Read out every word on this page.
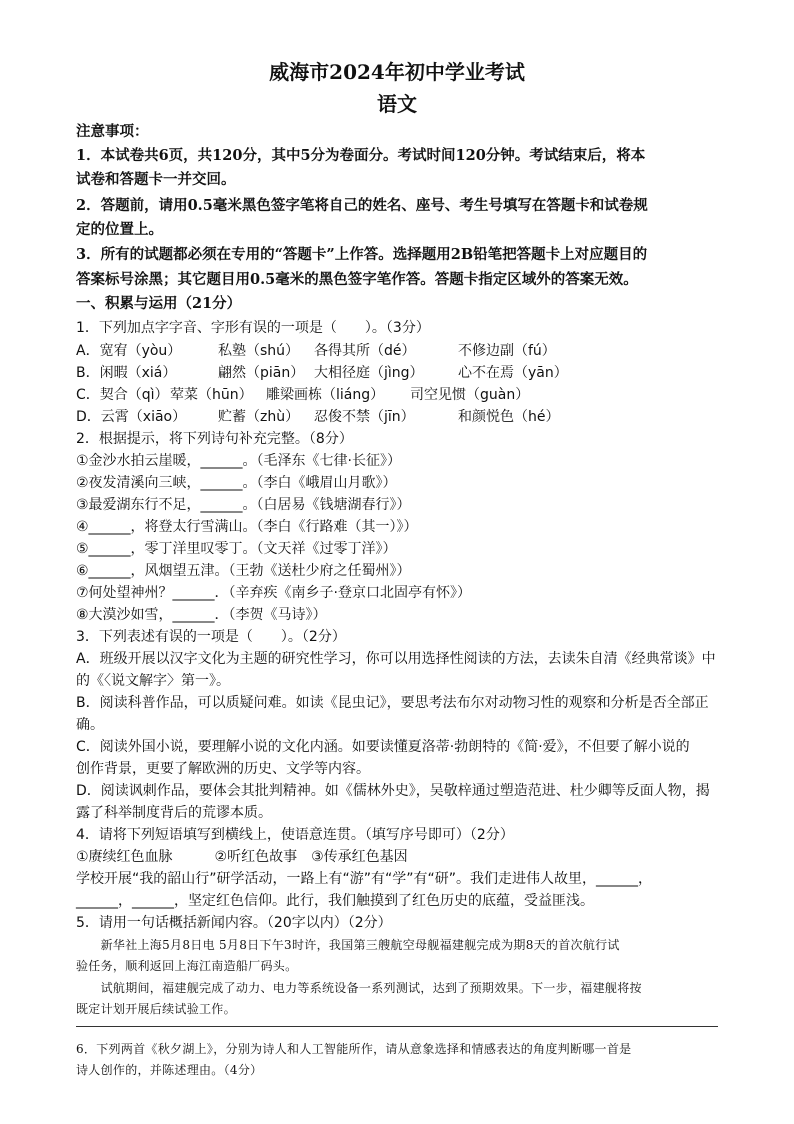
威海市2024年初中学业考试
语文
注意事项：
1．本试卷共6页，共120分，其中5分为卷面分。考试时间120分钟。考试结束后，将本
试卷和答题卡一并交回。
2．答题前，请用0.5毫米黑色签字笔将自己的姓名、座号、考生号填写在答题卡和试卷规
定的位置上。
3．所有的试题都必须在专用的“答题卡”上作答。选择题用2B铅笔把答题卡上对应题目的
答案标号涂黑；其它题目用0.5毫米的黑色签字笔作答。答题卡指定区域外的答案无效。
一、积累与运用（21分）
1．下列加点字字音、字形有误的一项是（　　）。（3分）
A．宽宥（yòu）	私塾（shú） 各得其所（dé）	不修边副（fú）
B．闲暇（xiá）	翩然（piān） 大相径庭（jìng） 心不在焉（yān）
C．契合（qì） 荤菜（hūn） 雕梁画栋（liáng） 司空见惯（guàn）
D．云霄（xiāo） 贮蓄（zhù） 忍俊不禁（jīn）	和颜悦色（hé）
2．根据提示，将下列诗句补充完整。（8分）
①金沙水拍云崖暖，______。（毛泽东《七律·长征》）
②夜发清溪向三峡，______。（李白《峨眉山月歌》）
③最爱湖东行不足，______。（白居易《钱塘湖春行》）
④______，将登太行雪满山。（李白《行路难（其一）》）
⑤______，零丁洋里叹零丁。（文天祥《过零丁洋》）
⑥______，风烟望五津。（王勃《送杜少府之任蜀州》）
⑦何处望神州？______．（辛弃疾《南乡子·登京口北固亭有怀》）
⑧大漠沙如雪，______．（李贺《马诗》）
3．下列表述有误的一项是（　　）。（2分）
A．班级开展以汉字文化为主题的研究性学习，你可以用选择性阅读的方法，去读朱自清《经典常谈》中
的《〈说文解字〉第一》。
B．阅读科普作品，可以质疑问难。如读《昆虫记》，要思考法布尔对动物习性的观察和分析是否全部正
确。
C．阅读外国小说，要理解小说的文化内涵。如要读懂夏洛蒂·勃朗特的《简·爱》，不但要了解小说的
创作背景，更要了解欧洲的历史、文学等内容。
D．阅读讽刺作品，要体会其批判精神。如《儒林外史》，吴敬梓通过塑造范进、杜少卿等反面人物，揭
露了科举制度背后的荒谬本质。
4．请将下列短语填写到横线上，使语意连贯。（填写序号即可）（2分）
①赓续红色血脉　　　②听红色故事　③传承红色基因
学校开展“我的韶山行”研学活动，一路上有“游”有“学”有“研”。我们走进伟人故里，______，
______，______，坚定红色信仰。此行，我们触摸到了红色历史的底蕴，受益匪浅。
5．请用一句话概括新闻内容。（20字以内）（2分）
　　新华社上海5月8日电 5月8日下午3时许，我国第三艘航空母舰福建舰完成为期8天的首次航行试
验任务，顺利返回上海江南造船厂码头。
　　试航期间，福建舰完成了动力、电力等系统设备一系列测试，达到了预期效果。下一步，福建舰将按
既定计划开展后续试验工作。
6．下列两首《秋夕湖上》，分别为诗人和人工智能所作，请从意象选择和情感表达的角度判断哪一首是
诗人创作的，并陈述理由。（4分）
